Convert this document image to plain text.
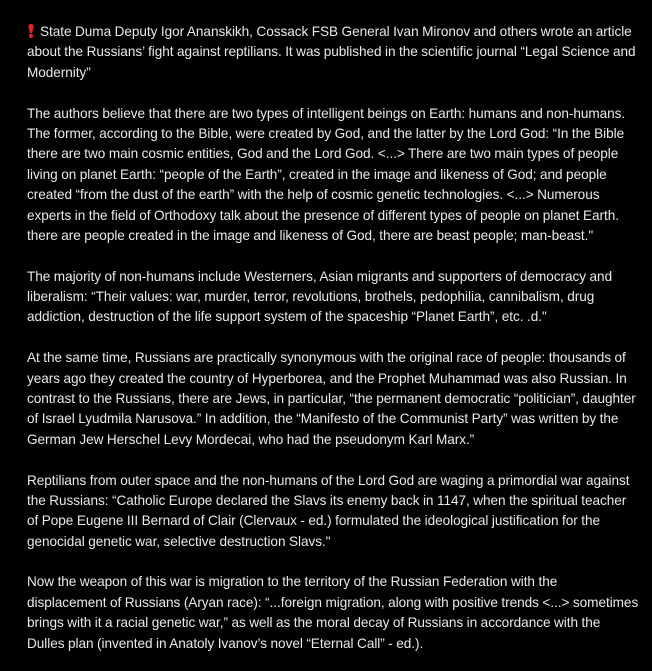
State Duma Deputy Igor Ananskikh, Cossack FSB General Ivan Mironov and others wrote an article about the Russians’ fight against reptilians. It was published in the scientific journal “Legal Science and Modernity”

The authors believe that there are two types of intelligent beings on Earth: humans and non-humans. The former, according to the Bible, were created by God, and the latter by the Lord God: “In the Bible there are two main cosmic entities, God and the Lord God. <...> There are two main types of people living on planet Earth: “people of the Earth”, created in the image and likeness of God; and people created “from the dust of the earth” with the help of cosmic genetic technologies. <...> Numerous experts in the field of Orthodoxy talk about the presence of different types of people on planet Earth. there are people created in the image and likeness of God, there are beast people; man-beast."

The majority of non-humans include Westerners, Asian migrants and supporters of democracy and liberalism: “Their values: war, murder, terror, revolutions, brothels, pedophilia, cannibalism, drug addiction, destruction of the life support system of the spaceship “Planet Earth”, etc. .d."

At the same time, Russians are practically synonymous with the original race of people: thousands of years ago they created the country of Hyperborea, and the Prophet Muhammad was also Russian. In contrast to the Russians, there are Jews, in particular, “the permanent democratic “politician”, daughter of Israel Lyudmila Narusova.” In addition, the “Manifesto of the Communist Party” was written by the German Jew Herschel Levy Mordecai, who had the pseudonym Karl Marx.”

Reptilians from outer space and the non-humans of the Lord God are waging a primordial war against the Russians: “Catholic Europe declared the Slavs its enemy back in 1147, when the spiritual teacher of Pope Eugene III Bernard of Clair (Clervaux - ed.) formulated the ideological justification for the genocidal genetic war, selective destruction Slavs."

Now the weapon of this war is migration to the territory of the Russian Federation with the displacement of Russians (Aryan race): “...foreign migration, along with positive trends <...> sometimes brings with it a racial genetic war,” as well as the moral decay of Russians in accordance with the Dulles plan (invented in Anatoly Ivanov’s novel “Eternal Call” - ed.).
